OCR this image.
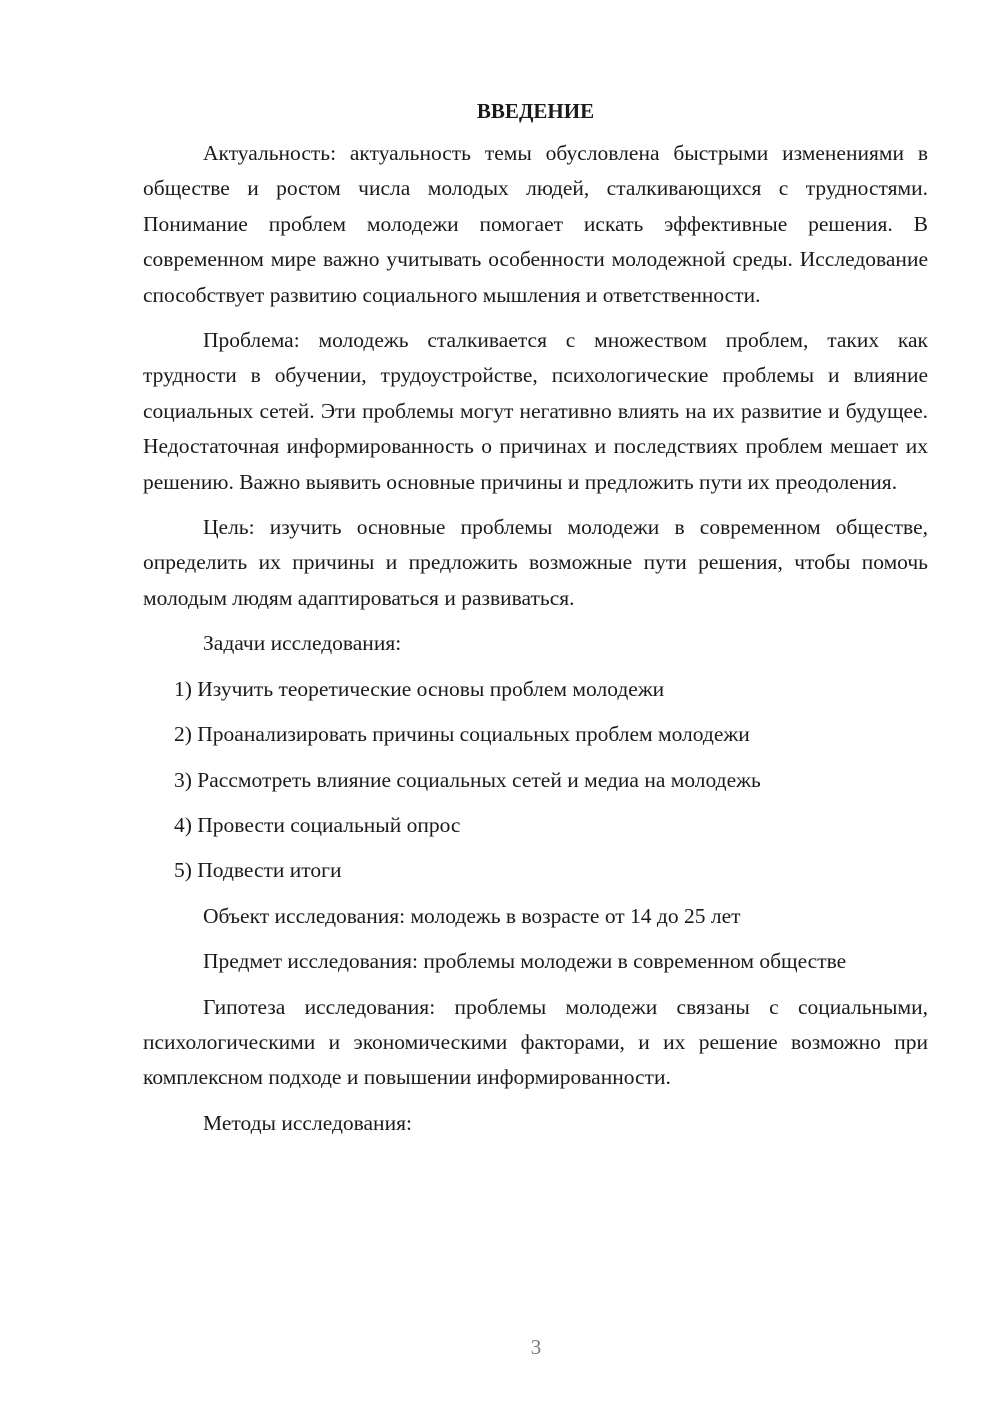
ВВЕДЕНИЕ

Актуальность: актуальность темы обусловлена быстрыми изменениями в обществе и ростом числа молодых людей, сталкивающихся с трудностями. Понимание проблем молодежи помогает искать эффективные решения. В современном мире важно учитывать особенности молодежной среды. Исследование способствует развитию социального мышления и ответственности.

Проблема: молодежь сталкивается с множеством проблем, таких как трудности в обучении, трудоустройстве, психологические проблемы и влияние социальных сетей. Эти проблемы могут негативно влиять на их развитие и будущее. Недостаточная информированность о причинах и последствиях проблем мешает их решению. Важно выявить основные причины и предложить пути их преодоления.

Цель: изучить основные проблемы молодежи в современном обществе, определить их причины и предложить возможные пути решения, чтобы помочь молодым людям адаптироваться и развиваться.

Задачи исследования:

1) Изучить теоретические основы проблем молодежи
2) Проанализировать причины социальных проблем молодежи
3) Рассмотреть влияние социальных сетей и медиа на молодежь
4) Провести социальный опрос
5) Подвести итоги

Объект исследования: молодежь в возрасте от 14 до 25 лет

Предмет исследования: проблемы молодежи в современном обществе

Гипотеза исследования: проблемы молодежи связаны с социальными, психологическими и экономическими факторами, и их решение возможно при комплексном подходе и повышении информированности.

Методы исследования:

3
